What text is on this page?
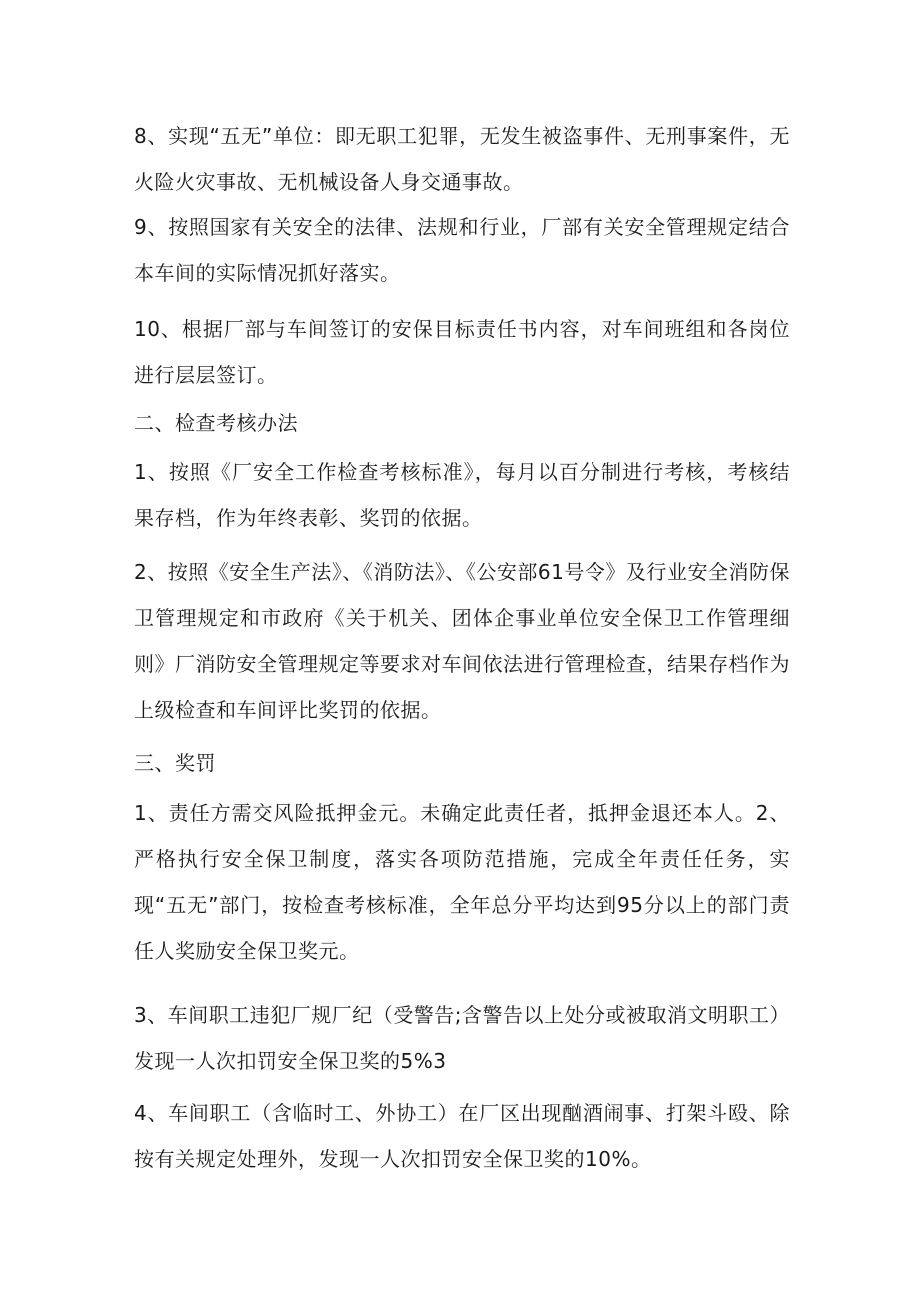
8、实现“五无”单位：即无职工犯罪，无发生被盗事件、无刑事案件，无火险火灾事故、无机械设备人身交通事故。

9、按照国家有关安全的法律、法规和行业，厂部有关安全管理规定结合本车间的实际情况抓好落实。

10、根据厂部与车间签订的安保目标责任书内容，对车间班组和各岗位进行层层签订。

二、检查考核办法

1、按照《厂安全工作检查考核标准》，每月以百分制进行考核，考核结果存档，作为年终表彰、奖罚的依据。

2、按照《安全生产法》、《消防法》、《公安部61号令》及行业安全消防保卫管理规定和市政府《关于机关、团体企事业单位安全保卫工作管理细则》厂消防安全管理规定等要求对车间依法进行管理检查，结果存档作为上级检查和车间评比奖罚的依据。

三、奖罚

1、责任方需交风险抵押金元。未确定此责任者，抵押金退还本人。2、严格执行安全保卫制度，落实各项防范措施，完成全年责任任务，实现“五无”部门，按检查考核标准，全年总分平均达到95分以上的部门责任人奖励安全保卫奖元。

3、车间职工违犯厂规厂纪（受警告;含警告以上处分或被取消文明职工）发现一人次扣罚安全保卫奖的5%3

4、车间职工（含临时工、外协工）在厂区出现酗酒闹事、打架斗殴、除按有关规定处理外，发现一人次扣罚安全保卫奖的10%。
